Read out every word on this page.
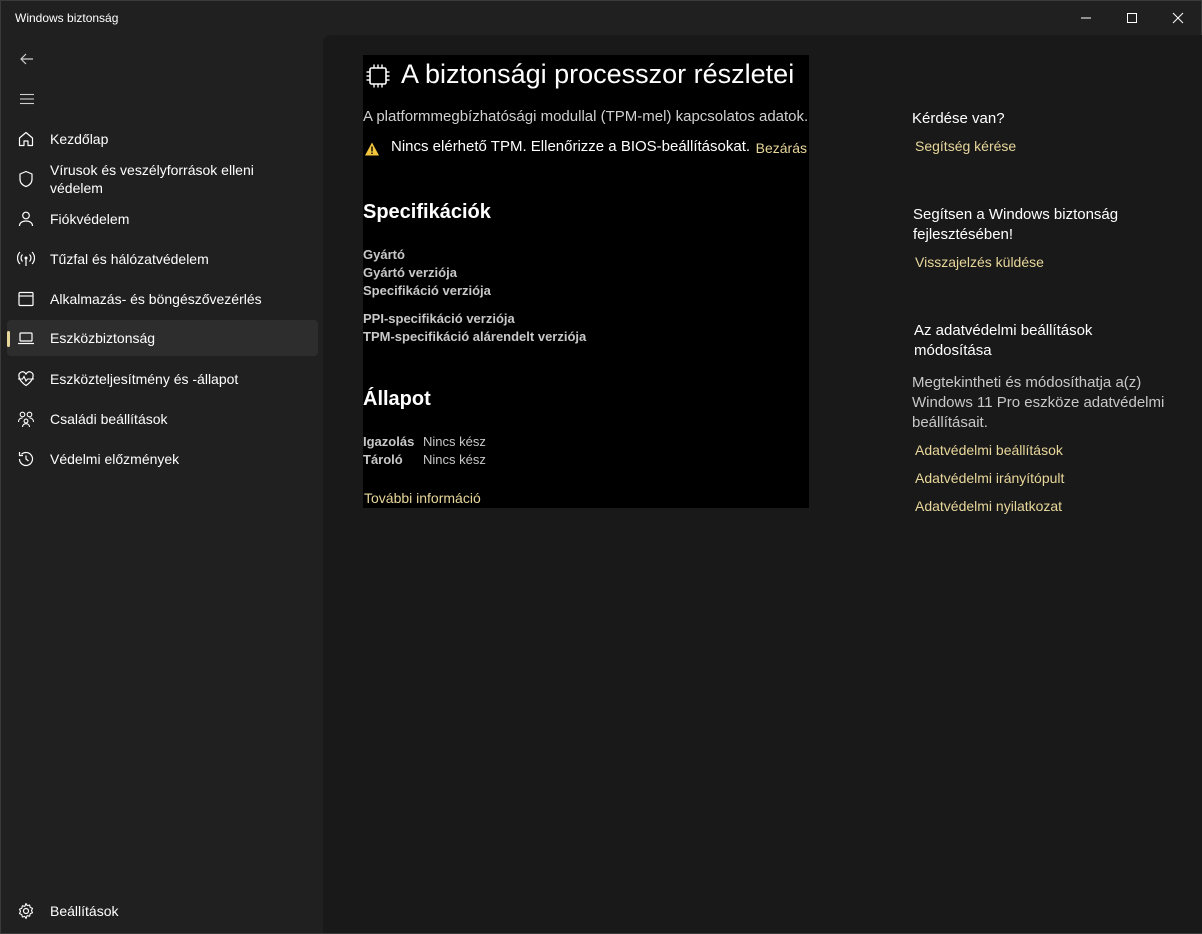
Windows biztonság
Kezdőlap
Vírusok és veszélyforrások elleni védelem
Fiókvédelem
Tűzfal és hálózatvédelem
Alkalmazás- és böngészővezérlés
Eszközbiztonság
Eszközteljesítmény és -állapot
Családi beállítások
Védelmi előzmények
Beállítások
A biztonsági processzor részletei
A platformmegbízhatósági modullal (TPM-mel) kapcsolatos adatok.
Nincs elérhető TPM. Ellenőrizze a BIOS-beállításokat. Bezárás
Specifikációk
Gyártó
Gyártó verziója
Specifikáció verziója
PPI-specifikáció verziója
TPM-specifikáció alárendelt verziója
Állapot
Igazolás Nincs kész
Tároló Nincs kész
További információ
Kérdése van?
Segítség kérése
Segítsen a Windows biztonság fejlesztésében!
Visszajelzés küldése
Az adatvédelmi beállítások módosítása
Megtekintheti és módosíthatja a(z) Windows 11 Pro eszköze adatvédelmi beállításait.
Adatvédelmi beállítások
Adatvédelmi irányítópult
Adatvédelmi nyilatkozat
